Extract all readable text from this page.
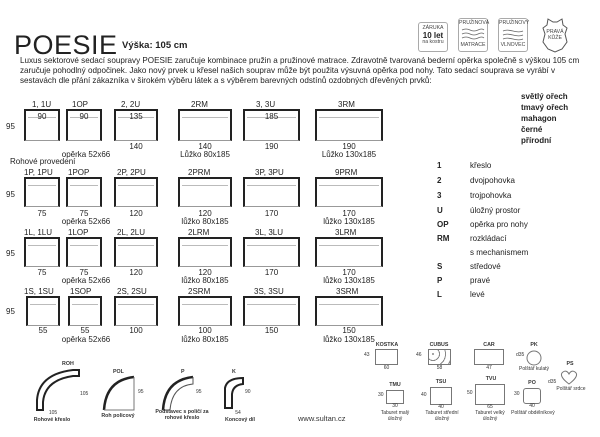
POESIE Výška: 105 cm
ZÁRUKA
10 let
na kostru
PRUŽINOVÁ
MATRACE
PRUŽINOVÝ
VLNOVEC
PRAVÁ
KŮŽE
Luxus sektorové sedací soupravy POESIE zaručuje kombinace pružin a pružinové matrace. Zdravotně tvarovaná bederní opěrka společně s výškou 105 cm zaručuje pohodlný odpočinek. Jako nový prvek u křesel našich souprav může být použita výsuvná opěrka pod nohy. Tato sedací souprava se vyrábí v sestavách dle přání zákazníka v širokém výběru látek a s výběrem barevných odstínů ozdobných dřevěných prvků:
světlý ořech
tmavý ořech
mahagon
černé
přírodní
95
95
95
95
Rohové provedení
1, 1U
90
1OP
90
opěrka 52x66
2, 2U
135
140
2RM
140
Lůžko 80x185
3, 3U
185
190
3RM
190
Lůžko 130x185
1P, 1PU
75
1POP
75
opěrka 52x66
2P, 2PU
120
2PRM
120
lůžko 80x185
3P, 3PU
170
9PRM
170
lůžko 130x185
1L, 1LU
75
1LOP
75
opěrka 52x66
2L, 2LU
120
2LRM
120
lůžko 80x185
3L, 3LU
170
3LRM
170
lůžko 130x185
1S, 1SU
55
1SOP
55
opěrka 52x66
2S, 2SU
100
2SRM
100
lůžko 80x185
3S, 3SU
150
3SRM
150
lůžko 130x185
1	křeslo
2	dvojpohovka
3	trojpohovka
U	úložný prostor
OP	opěrka pro nohy
RM	rozkládací
s mechanismem
S	středové
P	pravé
L	levé
ROH
105
105
Rohové křeslo
POL
95
Roh policový
P
95
Podstavec s poličí za rohové křeslo
K
90
54
Koncový díl	www.sultan.cz
KOSTKA
43
60
CUBUS
46
58
CAR
47
PK
d35
Polštář kulatý
PS
d35
Polštář srdce
TMU
30
30
Taburet malý úložný
TSU
40
40
Taburet střední úložný
TVU
50
65
Taburet velký úložný
PO
30
40
Polštář obdélníkový
